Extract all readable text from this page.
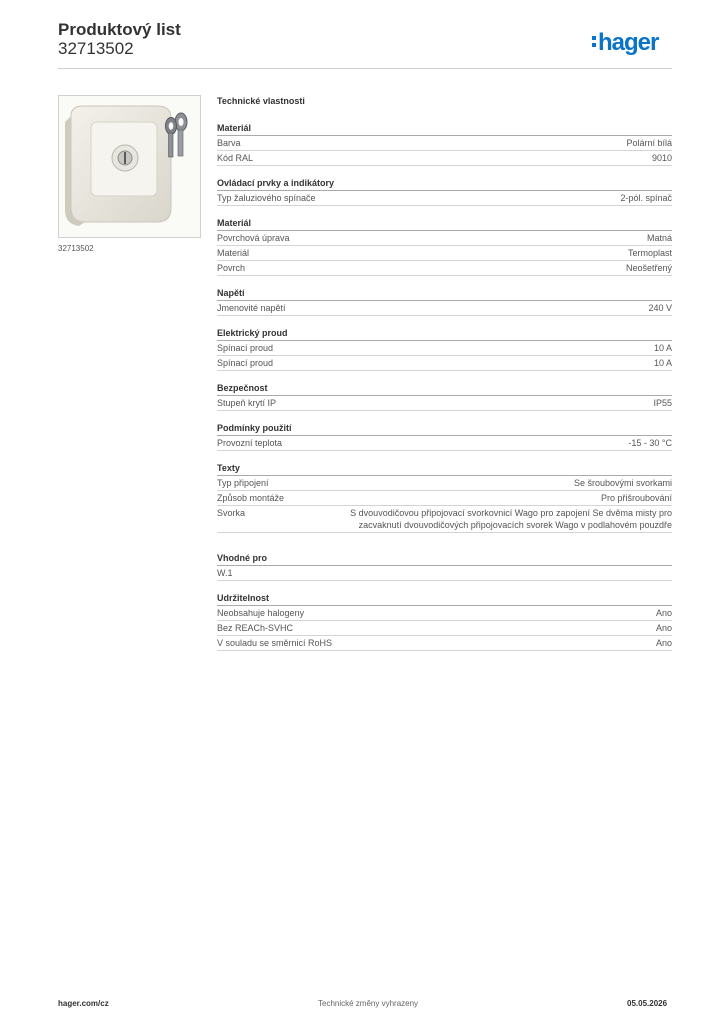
Produktový list
32713502	hager
32713502
Technické vlastnosti
Materiál
Barva	Polární bílá
Kód RAL	9010
Ovládací prvky a indikátory
Typ žaluziového spínače	2-pól. spínač
Materiál
Povrchová úprava	Matná
Materiál	Termoplast
Povrch	Neošetřený
Napětí
Jmenovité napětí	240 V
Elektrický proud
Spínací proud	10 A
Spínací proud	10 A
Bezpečnost
Stupeň krytí IP	IP55
Podmínky použití
Provozní teplota	-15 - 30 °C
Texty
Typ připojení	Se šroubovými svorkami
Způsob montáže	Pro přišroubování
Svorka	S dvouvodičovou připojovací svorkovnicí Wago pro zapojení Se dvěma misty pro zacvaknutí dvouvodičových připojovacích svorek Wago v podlahovém pouzdře
Vhodné pro
W.1
Udržitelnost
Neobsahuje halogeny	Ano
Bez REACh-SVHC	Ano
V souladu se směrnicí RoHS	Ano
hager.com/cz	Technické změny vyhrazeny	05.05.2026
